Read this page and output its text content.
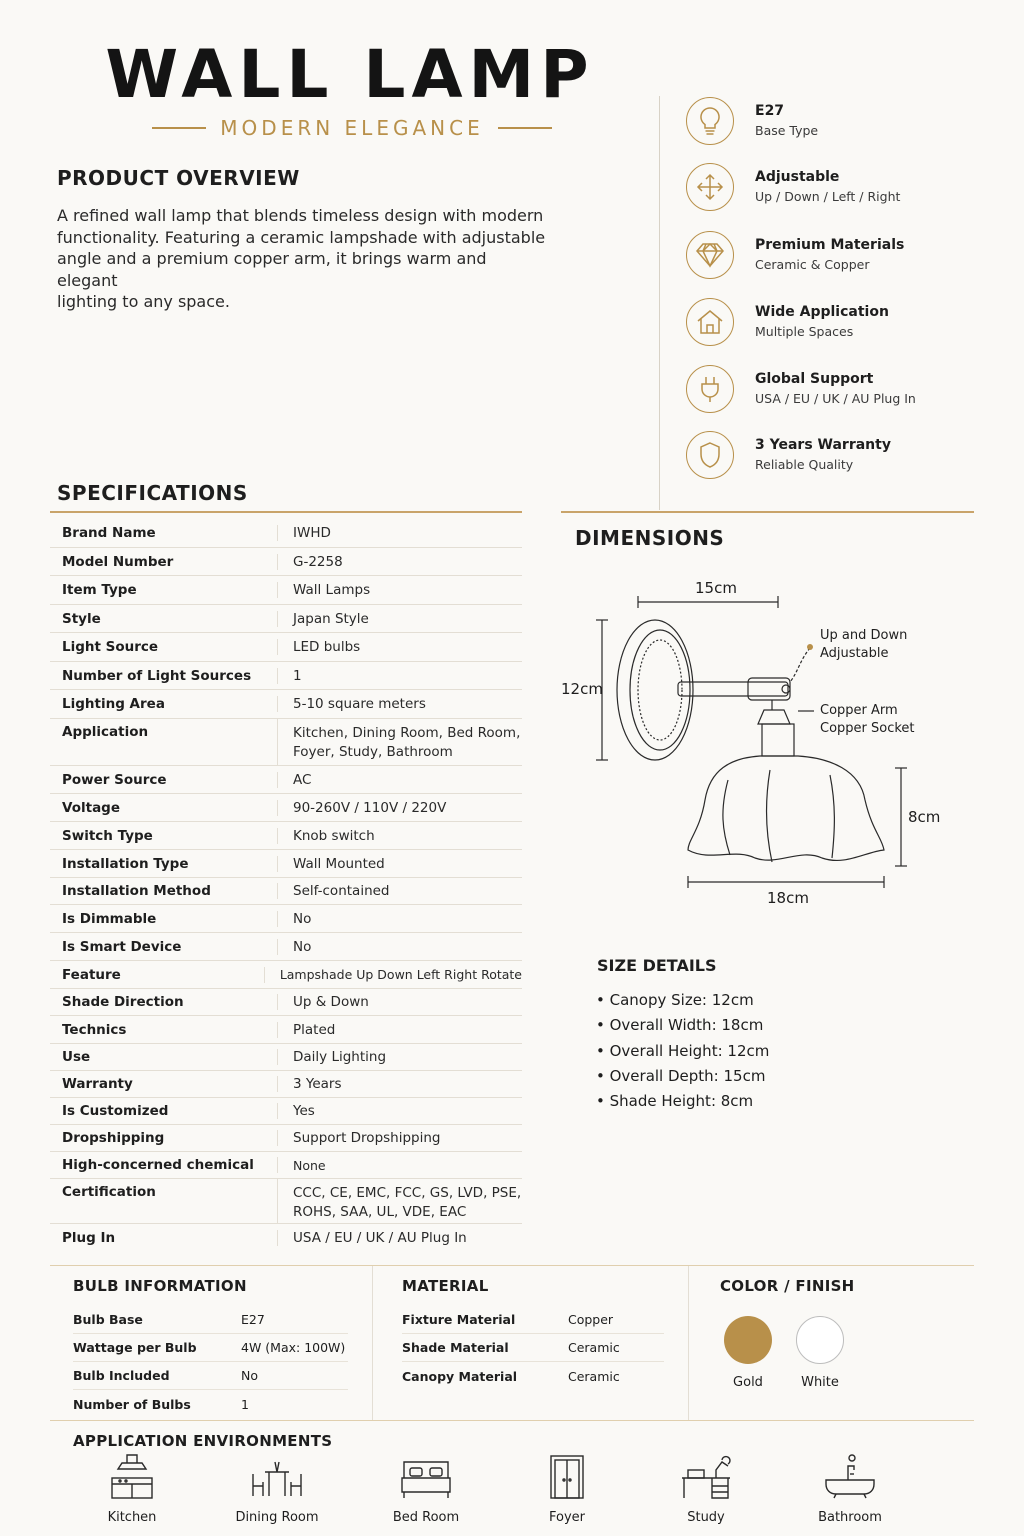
WALL LAMP
MODERN ELEGANCE
PRODUCT OVERVIEW
A refined wall lamp that blends timeless design with modern
functionality. Featuring a ceramic lampshade with adjustable
angle and a premium copper arm, it brings warm and elegant
lighting to any space.
E27
Base Type
Adjustable
Up / Down / Left / Right
Premium Materials
Ceramic & Copper
Wide Application
Multiple Spaces
Global Support
USA / EU / UK / AU Plug In
3 Years Warranty
Reliable Quality
SPECIFICATIONS
Brand Name	IWHD
Model Number	G-2258
Item Type	Wall Lamps
Style	Japan Style
Light Source	LED bulbs
Number of Light Sources	1
Lighting Area	5-10 square meters
Application	Kitchen, Dining Room, Bed Room,
Foyer, Study, Bathroom
Power Source	AC
Voltage	90-260V / 110V / 220V
Switch Type	Knob switch
Installation Type	Wall Mounted
Installation Method	Self-contained
Is Dimmable	No
Is Smart Device	No
Feature	Lampshade Up Down Left Right Rotate
Shade Direction	Up & Down
Technics	Plated
Use	Daily Lighting
Warranty	3 Years
Is Customized	Yes
Dropshipping	Support Dropshipping
High-concerned chemical	None
Certification	CCC, CE, EMC, FCC, GS, LVD, PSE,
ROHS, SAA, UL, VDE, EAC
Plug In	USA / EU / UK / AU Plug In
DIMENSIONS
15cm
12cm
8cm
18cm
Up and Down
Adjustable
Copper Arm
Copper Socket
SIZE DETAILS
• Canopy Size: 12cm
• Overall Width: 18cm
• Overall Height: 12cm
• Overall Depth: 15cm
• Shade Height: 8cm
BULB INFORMATION
Bulb Base	E27
Wattage per Bulb	4W (Max: 100W)
Bulb Included	No
Number of Bulbs	1
MATERIAL
Fixture Material	Copper
Shade Material	Ceramic
Canopy Material	Ceramic
COLOR / FINISH
Gold	White
APPLICATION ENVIRONMENTS
Kitchen	Dining Room	Bed Room	Foyer	Study	Bathroom
